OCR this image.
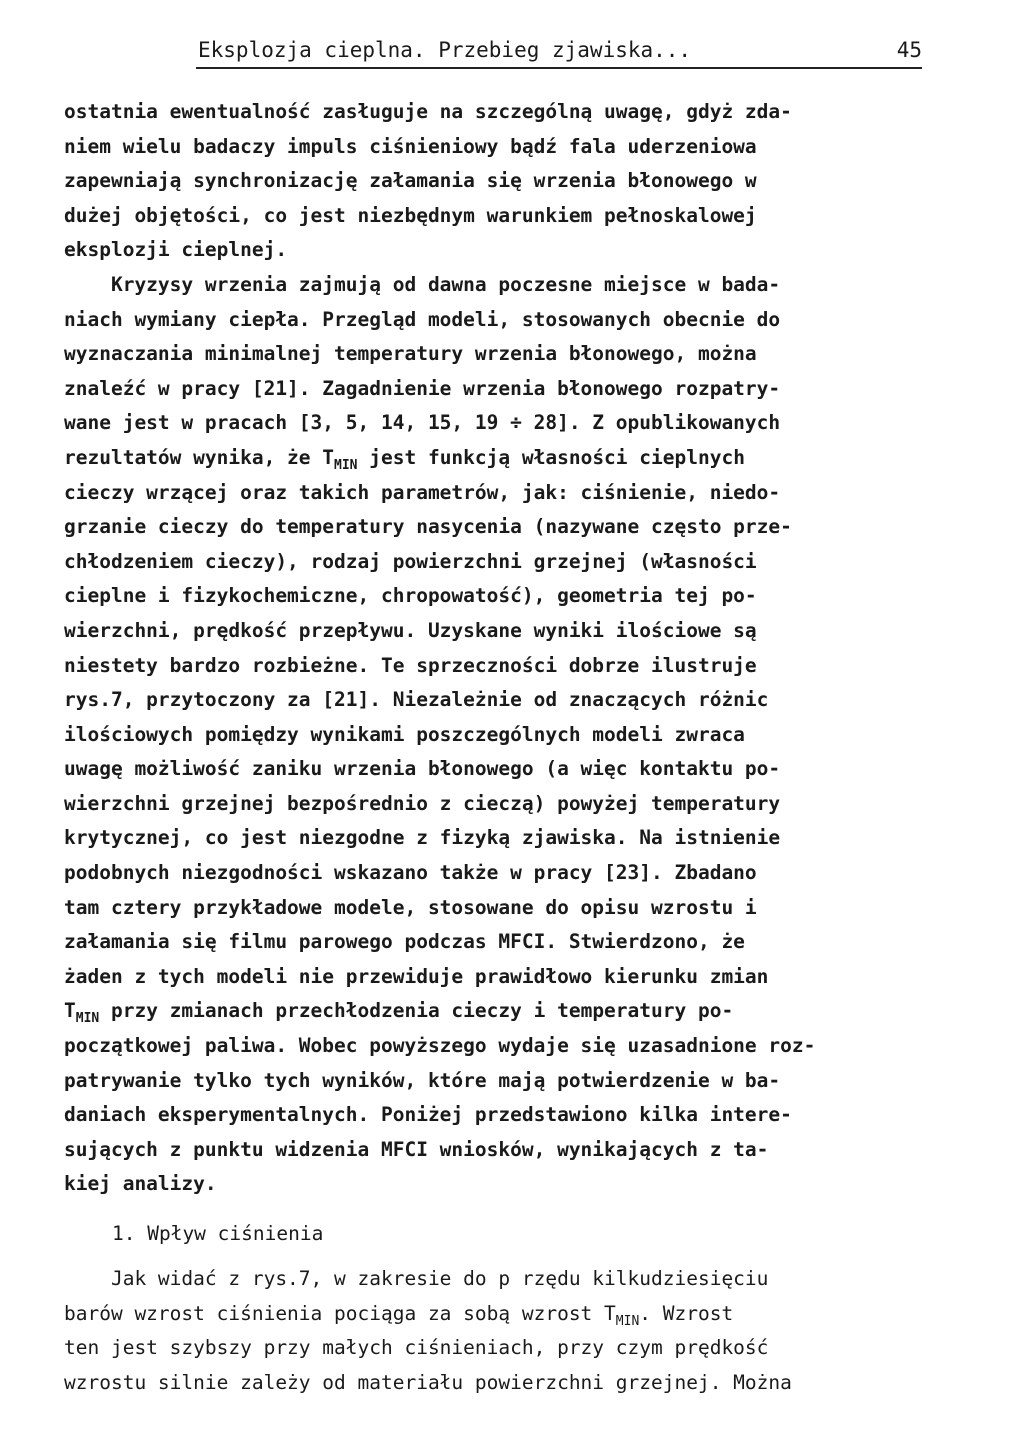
Eksplozja cieplna. Przebieg zjawiska...

	45

ostatnia ewentualność zasługuje na szczególną uwagę, gdyż zda-
niem wielu badaczy impuls ciśnieniowy bądź fala uderzeniowa
zapewniają synchronizację załamania się wrzenia błonowego w
dużej objętości, co jest niezbędnym warunkiem pełnoskalowej
eksplozji cieplnej.
Kryzysy wrzenia zajmują od dawna poczesne miejsce w bada-
niach wymiany ciepła. Przegląd modeli, stosowanych obecnie do
wyznaczania minimalnej temperatury wrzenia błonowego, można
znaleźć w pracy [21]. Zagadnienie wrzenia błonowego rozpatry-
wane jest w pracach [3, 5, 14, 15, 19 ÷ 28]. Z opublikowanych
rezultatów wynika, że $T_{MIN}$ jest funkcją własności cieplnych
cieczy wrzącej oraz takich parametrów, jak: ciśnienie, niedo-
grzanie cieczy do temperatury nasycenia (nazywane często prze-
chłodzeniem cieczy), rodzaj powierzchni grzejnej (własności
cieplne i fizykochemiczne, chropowatość), geometria tej po-
wierzchni, prędkość przepływu. Uzyskane wyniki ilościowe są
niestety bardzo rozbieżne. Te sprzeczności dobrze ilustruje
rys.7, przytoczony za [21]. Niezależnie od znaczących różnic
ilościowych pomiędzy wynikami poszczególnych modeli zwraca
uwagę możliwość zaniku wrzenia błonowego (a więc kontaktu po-
wierzchni grzejnej bezpośrednio z cieczą) powyżej temperatury
krytycznej, co jest niezgodne z fizyką zjawiska. Na istnienie
podobnych niezgodności wskazano także w pracy [23]. Zbadano
tam cztery przykładowe modele, stosowane do opisu wzrostu i
załamania się filmu parowego podczas MFCI. Stwierdzono, że
żaden z tych modeli nie przewiduje prawidłowo kierunku zmian
$T_{MIN}$ przy zmianach przechłodzenia cieczy i temperatury po-
początkowej paliwa. Wobec powyższego wydaje się uzasadnione roz-
patrywanie tylko tych wyników, które mają potwierdzenie w ba-
daniach eksperymentalnych. Poniżej przedstawiono kilka intere-
sujących z punktu widzenia MFCI wniosków, wynikających z ta-
kiej analizy.
1. Wpływ ciśnienia
Jak widać z rys.7, w zakresie do p rzędu kilkudziesięciu
barów wzrost ciśnienia pociąga za sobą wzrost $T_{MIN}$. Wzrost
ten jest szybszy przy małych ciśnieniach, przy czym prędkość
wzrostu silnie zależy od materiału powierzchni grzejnej. Można
